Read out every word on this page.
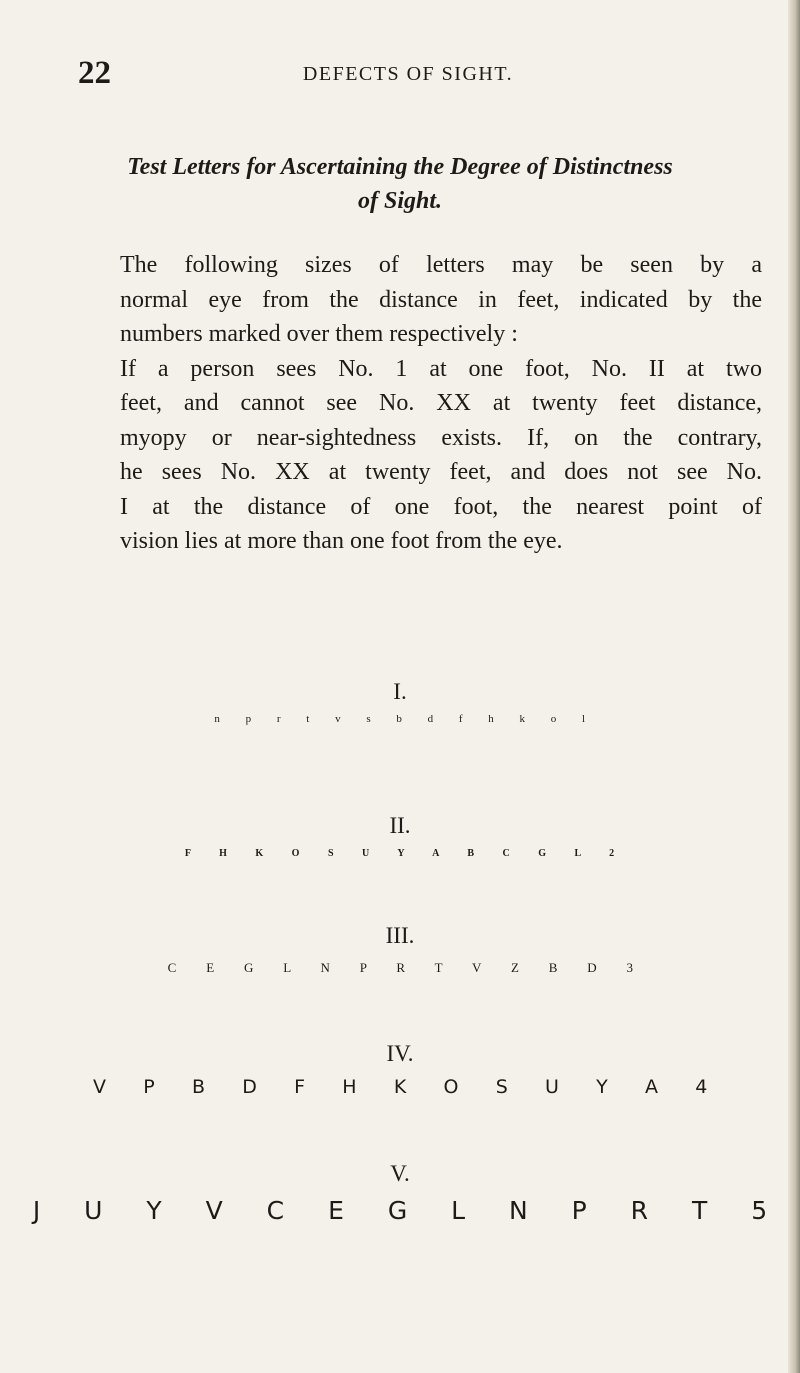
22	DEFECTS OF SIGHT.
Test Letters for Ascertaining the Degree of Distinctness
of Sight.

The following sizes of letters may be seen by a
normal eye from the distance in feet, indicated by the
numbers marked over them respectively :

If a person sees No. 1 at one foot, No. II at two
feet, and cannot see No. XX at twenty feet distance,
myopy or near-sightedness exists. If, on the contrary,
he sees No. XX at twenty feet, and does not see No.
I at the distance of one foot, the nearest point of
vision lies at more than one foot from the eye.

I.
n p r t v s b d f h k o l
II.
F H K O S U Y A B C G L 2
III.
C E G L N P R T V Z B D 3
IV.
V P B D F H K O S U Y A 4
V.
J U Y V C E G L N P R T 5
